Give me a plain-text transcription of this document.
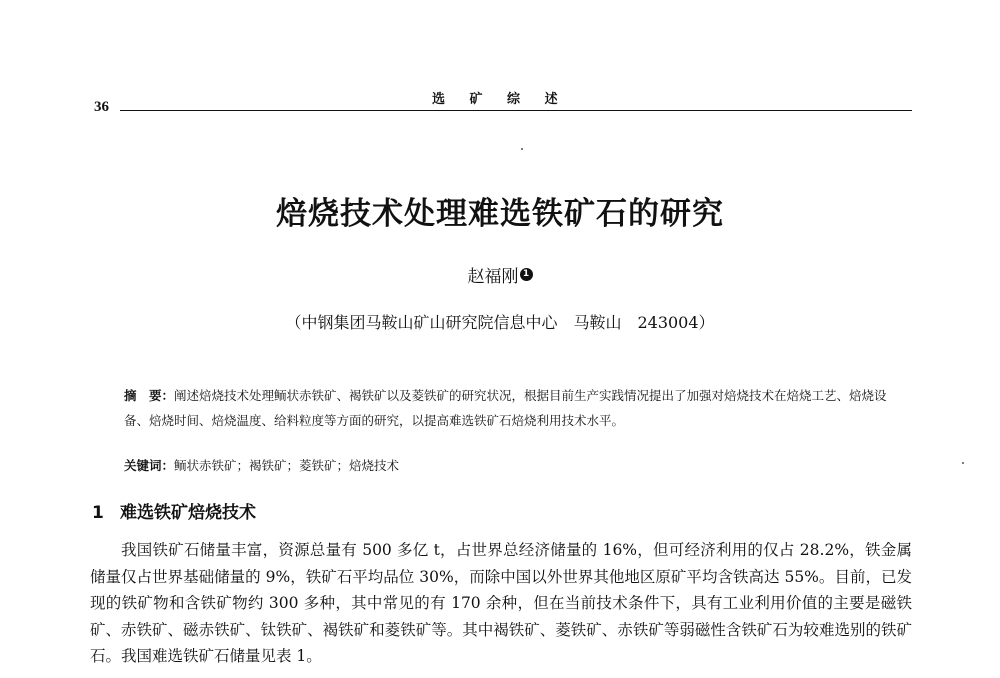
选 矿 综 述
36
焙烧技术处理难选铁矿石的研究
赵福刚 1
（中钢集团马鞍山矿山研究院信息中心　马鞍山　243004）
摘　要：阐述焙烧技术处理鲕状赤铁矿、褐铁矿以及菱铁矿的研究状况，根据目前生产实践情况提出了加强对焙烧技术在焙烧工艺、焙烧设备、焙烧时间、焙烧温度、给料粒度等方面的研究，以提高难选铁矿石焙烧利用技术水平。
关键词：鲕状赤铁矿；褐铁矿；菱铁矿；焙烧技术
1 难选铁矿焙烧技术
我国铁矿石储量丰富，资源总量有 500 多亿 t，占世界总经济储量的 16%，但可经济利用的仅占 28.2%，铁金属储量仅占世界基础储量的 9%，铁矿石平均品位 30%，而除中国以外世界其他地区原矿平均含铁高达 55%。目前，已发现的铁矿物和含铁矿物约 300 多种，其中常见的有 170 余种，但在当前技术条件下，具有工业利用价值的主要是磁铁矿、赤铁矿、磁赤铁矿、钛铁矿、褐铁矿和菱铁矿等。其中褐铁矿、菱铁矿、赤铁矿等弱磁性含铁矿石为较难选别的铁矿石。我国难选铁矿石储量见表 1。
